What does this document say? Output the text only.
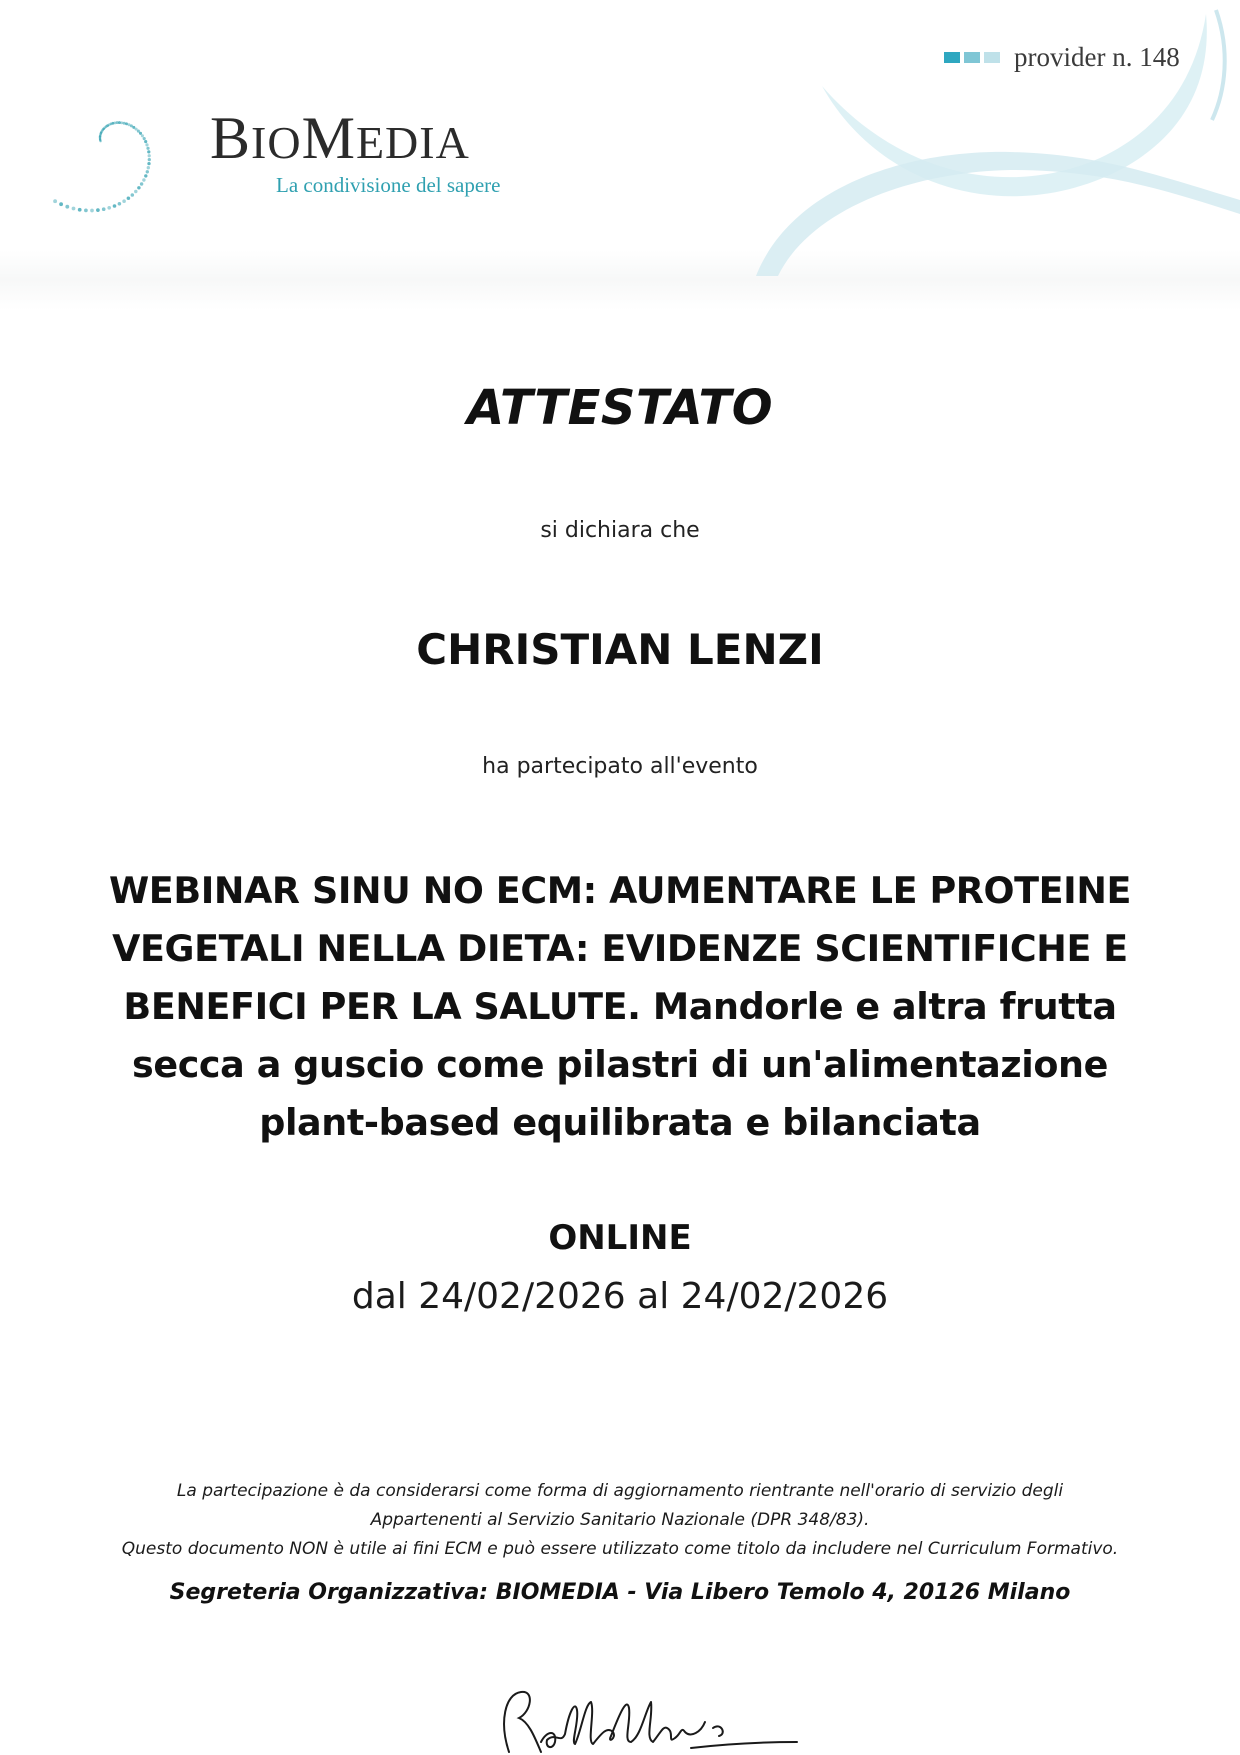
BIOMEDIA
La condivisione del sapere
provider n. 148
ATTESTATO
si dichiara che
CHRISTIAN LENZI
ha partecipato all'evento
WEBINAR SINU NO ECM: AUMENTARE LE PROTEINE VEGETALI NELLA DIETA: EVIDENZE SCIENTIFICHE E BENEFICI PER LA SALUTE. Mandorle e altra frutta secca a guscio come pilastri di un'alimentazione plant-based equilibrata e bilanciata
ONLINE
dal 24/02/2026 al 24/02/2026
La partecipazione è da considerarsi come forma di aggiornamento rientrante nell'orario di servizio degli
Appartenenti al Servizio Sanitario Nazionale (DPR 348/83).
Questo documento NON è utile ai fini ECM e può essere utilizzato come titolo da includere nel Curriculum Formativo.
Segreteria Organizzativa: BIOMEDIA - Via Libero Temolo 4, 20126 Milano
